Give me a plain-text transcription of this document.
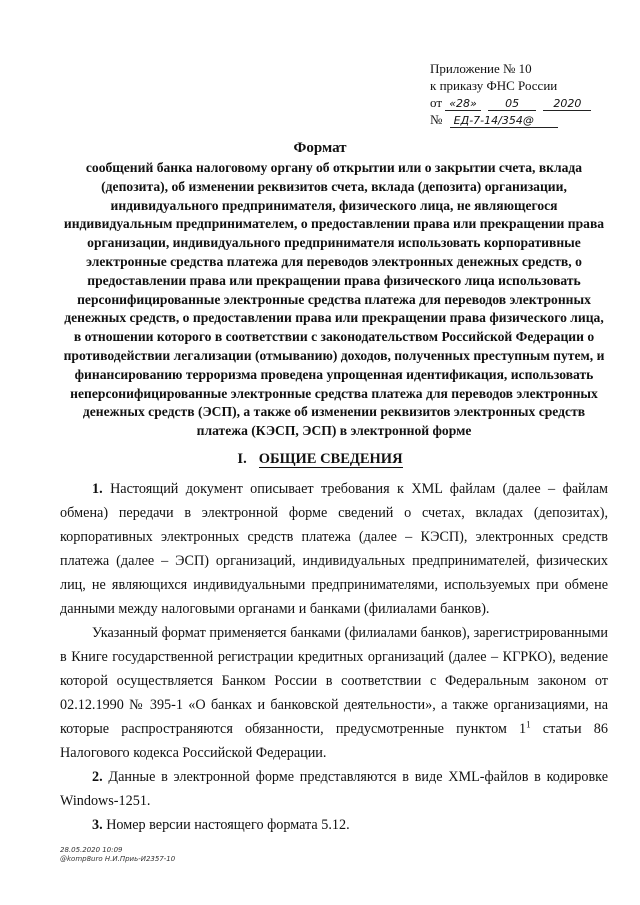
Приложение № 10
к приказу ФНС России
от «28»	05	2020
№ ЕД-7-14/354@
Формат
сообщений банка налоговому органу об открытии или о закрытии счета, вклада (депозита), об изменении реквизитов счета, вклада (депозита) организации, индивидуального предпринимателя, физического лица, не являющегося индивидуальным предпринимателем, о предоставлении права или прекращении права организации, индивидуального предпринимателя использовать корпоративные электронные средства платежа для переводов электронных денежных средств, о предоставлении права или прекращении права физического лица использовать персонифицированные электронные средства платежа для переводов электронных денежных средств, о предоставлении права или прекращении права физического лица, в отношении которого в соответствии с законодательством Российской Федерации о противодействии легализации (отмыванию) доходов, полученных преступным путем, и финансированию терроризма проведена упрощенная идентификация, использовать неперсонифицированные электронные средства платежа для переводов электронных денежных средств (ЭСП), а также об изменении реквизитов электронных средств платежа (КЭСП, ЭСП) в электронной форме
I. ОБЩИЕ СВЕДЕНИЯ
1. Настоящий документ описывает требования к XML файлам (далее – файлам обмена) передачи в электронной форме сведений о счетах, вкладах (депозитах), корпоративных электронных средств платежа (далее – КЭСП), электронных средств платежа (далее – ЭСП) организаций, индивидуальных предпринимателей, физических лиц, не являющихся индивидуальными предпринимателями, используемых при обмене данными между налоговыми органами и банками (филиалами банков).
Указанный формат применяется банками (филиалами банков), зарегистрированными в Книге государственной регистрации кредитных организаций (далее – КГРКО), ведение которой осуществляется Банком России в соответствии с Федеральным законом от 02.12.1990 № 395-1 «О банках и банковской деятельности», а также организациями, на которые распространяются обязанности, предусмотренные пунктом $1^1$ статьи 86 Налогового кодекса Российской Федерации.
2. Данные в электронной форме представляются в виде XML-файлов в кодировке Windows-1251.
3. Номер версии настоящего формата 5.12.
28.05.2020 10:09
@komp8uro Н.И.Приь-И2357-10
